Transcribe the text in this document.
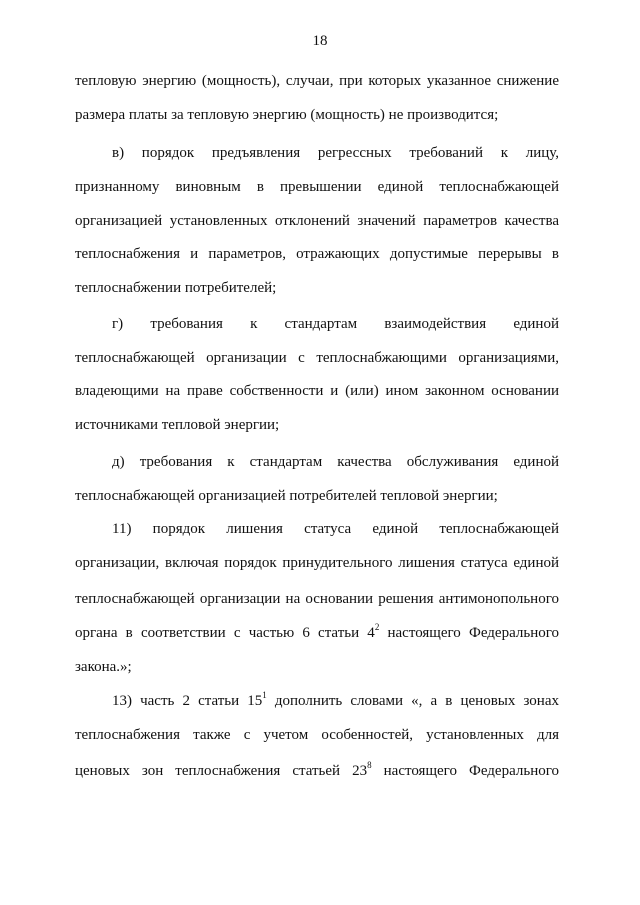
18
тепловую энергию (мощность), случаи, при которых указанное снижение
размера платы за тепловую энергию (мощность) не производится;
в) порядок предъявления регрессных требований к лицу,
признанному виновным в превышении единой теплоснабжающей
организацией установленных отклонений значений параметров качества
теплоснабжения и параметров, отражающих допустимые перерывы в
теплоснабжении потребителей;
г) требования к стандартам взаимодействия единой
теплоснабжающей организации с теплоснабжающими организациями,
владеющими на праве собственности и (или) ином законном основании
источниками тепловой энергии;
д) требования к стандартам качества обслуживания единой
теплоснабжающей организацией потребителей тепловой энергии;
11) порядок лишения статуса единой теплоснабжающей
организации, включая порядок принудительного лишения статуса единой
теплоснабжающей организации на основании решения антимонопольного
органа в соответствии с частью 6 статьи $4^2$ настоящего Федерального
закона.»;
13) часть 2 статьи $15^1$ дополнить словами «, а в ценовых зонах
теплоснабжения также с учетом особенностей, установленных для
ценовых зон теплоснабжения статьей $23^8$ настоящего Федерального
